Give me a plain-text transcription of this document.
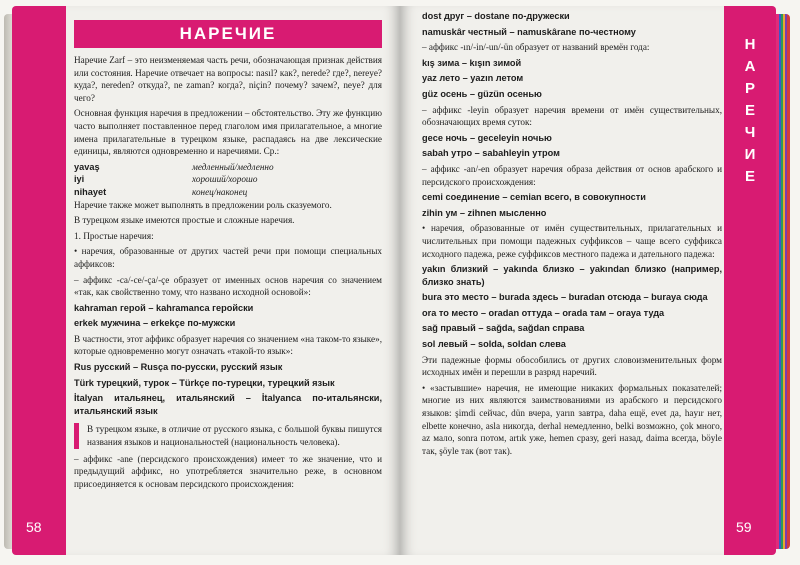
58
НАРЕЧИЕ

Наречие Zarf – это неизменяемая часть речи, обозначающая признак действия или состояния. Наречие отвечает на вопросы: nasıl? как?, nerede? где?, nereye? куда?, nereden? откуда?, ne zaman? когда?, niçin? почему? зачем?, neye? для чего?

Основная функция наречия в предложении – обстоятельство. Эту же функцию часто выполняет поставленное перед глаголом имя прилагательное, а многие имена прилагательные в турецком языке, распадаясь на две лексические единицы, являются одновременно и наречиями. Ср.:

yavaş	медленный/медленно
iyi	хороший/хорошо
nihayet	конец/наконец

Наречие также может выполнять в предложении роль сказуемого.

В турецком языке имеются простые и сложные наречия.

1. Простые наречия:

• наречия, образованные от других частей речи при помощи специальных аффиксов:

– аффикс -ca/-ce/-ça/-çe образует от именных основ наречия со значением «так, как свойственно тому, что названо исходной основой»:

kahraman герой – kahramanca геройски

erkek мужчина – erkekçe по-мужски

В частности, этот аффикс образует наречия со значением «на таком-то языке», которые одновременно могут означать «такой-то язык»:

Rus русский – Rusça по-русски, русский язык

Türk турецкий, турок – Türkçe по-турецки, турецкий язык

İtalyan итальянец, итальянский – İtalyanca по-итальянски, итальянский язык

В турецком языке, в отличие от русского языка, с большой буквы пишутся названия языков и национальностей (национальность человека).

– аффикс -ane (персидского происхождения) имеет то же значение, что и предыдущий аффикс, но употребляется значительно реже, в основном присоединяется к основам персидского происхождения:

Н
А
Р
Е
Ч
И
Е
59

dost друг – dostane по-дружески

namuskâr честный – namuskârane по-честному

– аффикс -ın/-in/-un/-ün образует от названий времён года:

kış зима – kışın зимой

yaz лето – yazın летом

güz осень – güzün осенью

– аффикс -leyin образует наречия времени от имён существительных, обозначающих время суток:

gece ночь – geceleyin ночью

sabah утро – sabahleyin утром

– аффикс -an/-en образует наречия образа действия от основ арабского и персидского происхождения:

cemi соединение – cemian всего, в совокупности

zihin ум – zihnen мысленно

• наречия, образованные от имён существительных, прилагательных и числительных при помощи падежных суффиксов – чаще всего суффикса исходного падежа, реже суффиксов местного падежа и дательного падежа:

yakın близкий – yakında близко – yakından близко (например, близко знать)

bura это место – burada здесь – buradan отсюда – buraya сюда

ora то место – oradan оттуда – orada там – oraya туда

sağ правый – sağda, sağdan справа

sol левый – solda, soldan слева

Эти падежные формы обособились от других словоизменительных форм исходных имён и перешли в разряд наречий.

• «застывшие» наречия, не имеющие никаких формальных показателей; многие из них являются заимствованиями из арабского и персидского языков: şimdi сейчас, dün вчера, yarın завтра, daha ещё, evet да, hayır нет, elbette конечно, asla никогда, derhal немедленно, belki возможно, çok много, az мало, sonra потом, artık уже, hemen сразу, geri назад, daima всегда, böyle так, şöyle так (вот так).
